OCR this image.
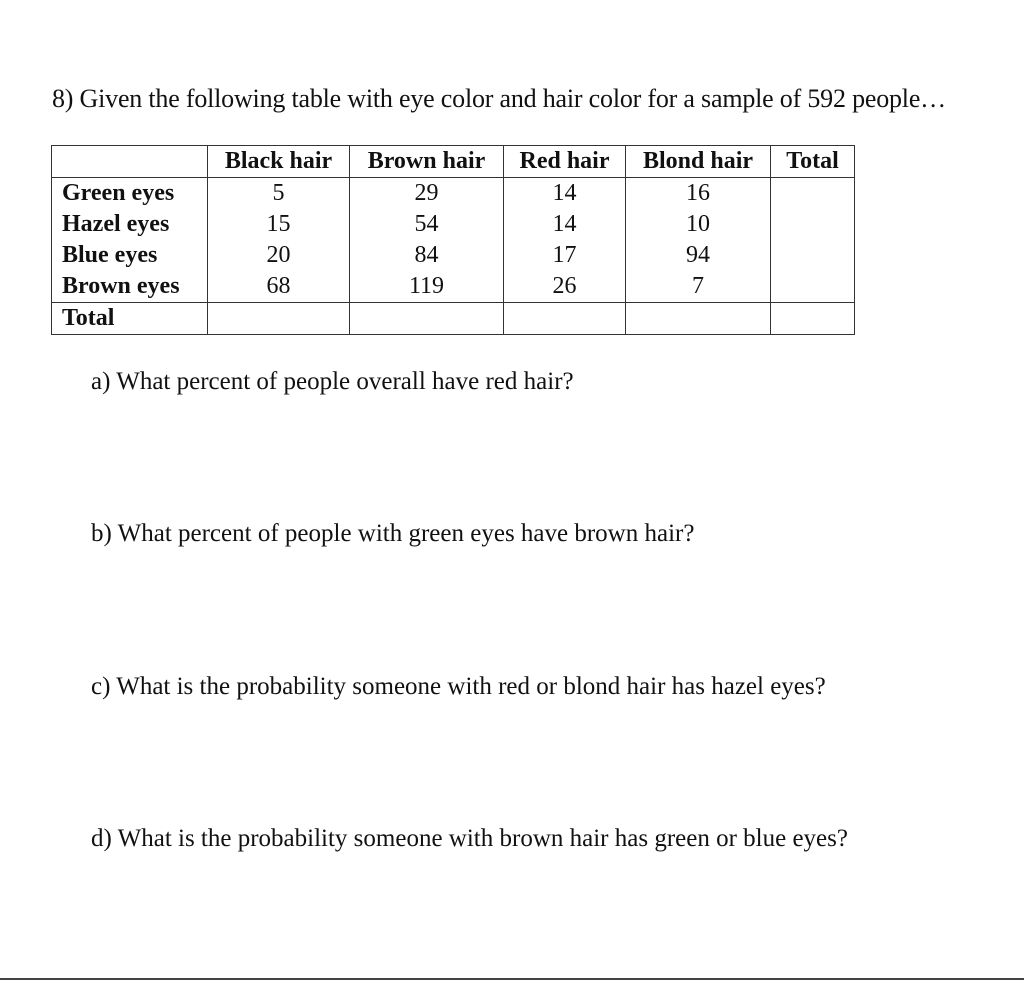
8) Given the following table with eye color and hair color for a sample of 592 people…
	Black hair	Brown hair	Red hair	Blond hair	Total
Green eyes	5	29	14	16	
Hazel eyes	15	54	14	10	
Blue eyes	20	84	17	94	
Brown eyes	68	119	26	7	
Total					
a) What percent of people overall have red hair?
b) What percent of people with green eyes have brown hair?
c) What is the probability someone with red or blond hair has hazel eyes?
d) What is the probability someone with brown hair has green or blue eyes?
